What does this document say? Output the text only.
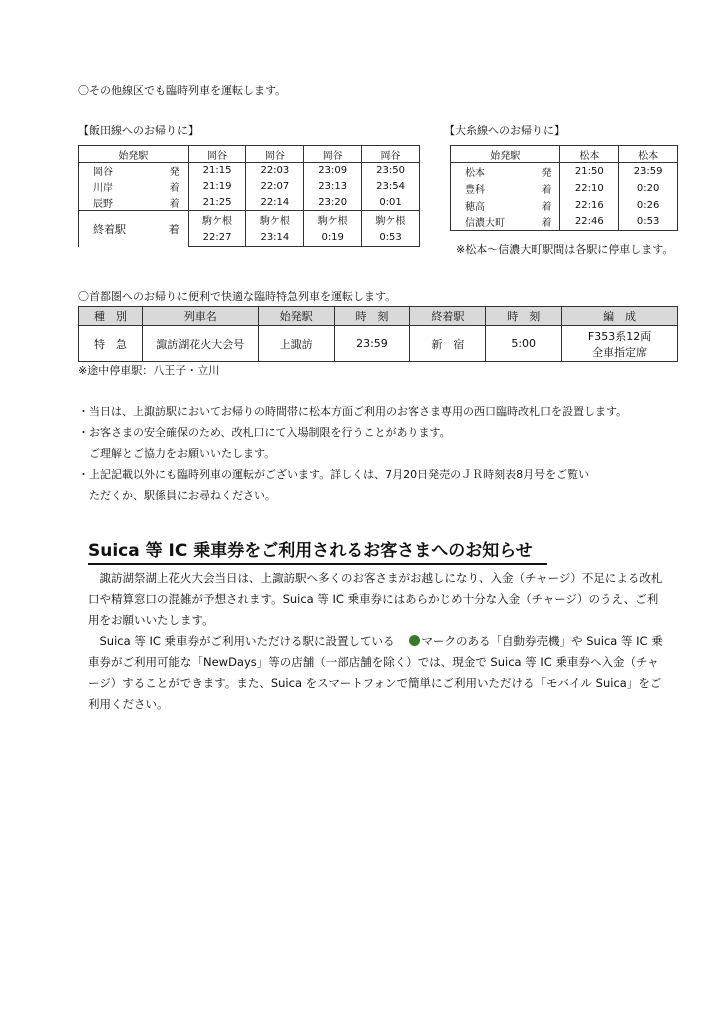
〇その他線区でも臨時列車を運転します。
【飯田線へのお帰りに】
始発駅	岡谷	岡谷	岡谷	岡谷

岡谷 発	21:15	22:03	23:09	23:50

川岸 着	21:19	22:07	23:13	23:54

辰野 着	21:25	22:14	23:20	0:01

終着駅 着	駒ケ根	駒ケ根	駒ケ根	駒ケ根
	22:27	23:14	0:19	0:53
【大糸線へのお帰りに】
始発駅	松本	松本

松本 発	21:50	23:59

豊科 着	22:10	0:20

穂高 着	22:16	0:26

信濃大町 着	22:46	0:53
※松本～信濃大町駅間は各駅に停車します。
〇首都圏へのお帰りに便利で快適な臨時特急列車を運転します。
種　別	列車名	始発駅	時　刻	終着駅	時　刻	編　成
特　急	諏訪湖花火大会号	上諏訪	23:59	新　宿	5:00	F353系12両
全車指定席
※途中停車駅：八王子・立川
・当日は、上諏訪駅においてお帰りの時間帯に松本方面ご利用のお客さま専用の西口臨時改札口を設置します。
・お客さまの安全確保のため、改札口にて入場制限を行うことがあります。
　ご理解とご協力をお願いいたします。
・上記記載以外にも臨時列車の運転がございます。詳しくは、7月20日発売のＪＲ時刻表8月号をご覧い
　ただくか、駅係員にお尋ねください。
Suica 等 IC 乗車券をご利用されるお客さまへのお知らせ

　諏訪湖祭湖上花火大会当日は、上諏訪駅へ多くのお客さまがお越しになり、入金（チャージ）不足による改札口や精算窓口の混雑が予想されます。Suica 等 IC 乗車券にはあらかじめ十分な入金（チャージ）のうえ、ご利用をお願いいたします。

　Suica 等 IC 乗車券がご利用いただける駅に設置している マークのある「自動券売機」や Suica 等 IC 乗車券がご利用可能な「NewDays」等の店舗（一部店舗を除く）では、現金で Suica 等 IC 乗車券へ入金（チャージ）することができます。また、Suica をスマートフォンで簡単にご利用いただける「モバイル Suica」をご利用ください。
